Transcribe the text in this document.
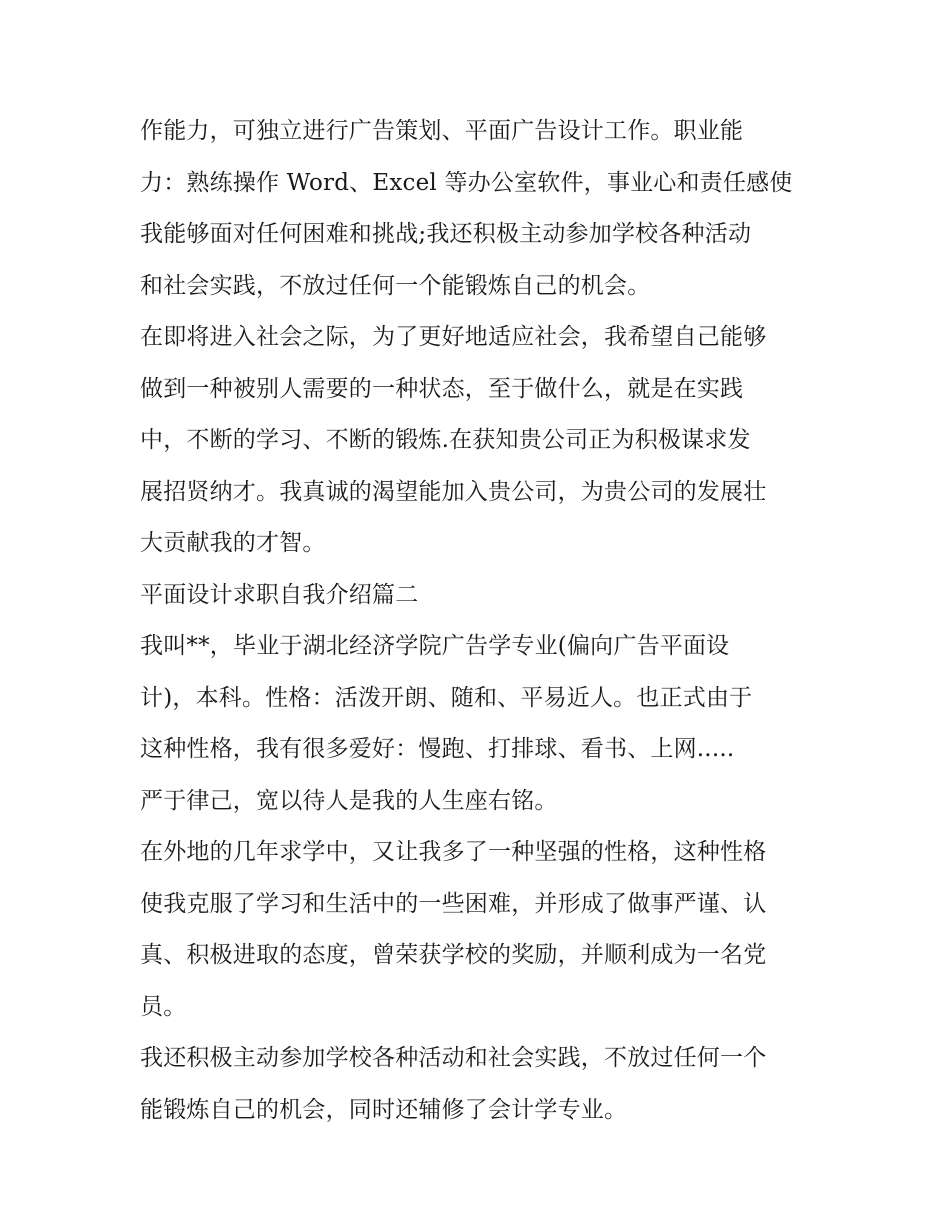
作能力，可独立进行广告策划、平面广告设计工作。职业能
力：熟练操作 Word、Excel 等办公室软件，事业心和责任感使
我能够面对任何困难和挑战;我还积极主动参加学校各种活动
和社会实践，不放过任何一个能锻炼自己的机会。
在即将进入社会之际，为了更好地适应社会，我希望自己能够
做到一种被别人需要的一种状态，至于做什么，就是在实践
中，不断的学习、不断的锻炼.在获知贵公司正为积极谋求发
展招贤纳才。我真诚的渴望能加入贵公司，为贵公司的发展壮
大贡献我的才智。
平面设计求职自我介绍篇二
我叫**，毕业于湖北经济学院广告学专业(偏向广告平面设
计)，本科。性格：活泼开朗、随和、平易近人。也正式由于
这种性格，我有很多爱好：慢跑、打排球、看书、上网.....
严于律己，宽以待人是我的人生座右铭。
在外地的几年求学中，又让我多了一种坚强的性格，这种性格
使我克服了学习和生活中的一些困难，并形成了做事严谨、认
真、积极进取的态度，曾荣获学校的奖励，并顺利成为一名党
员。
我还积极主动参加学校各种活动和社会实践，不放过任何一个
能锻炼自己的机会，同时还辅修了会计学专业。
